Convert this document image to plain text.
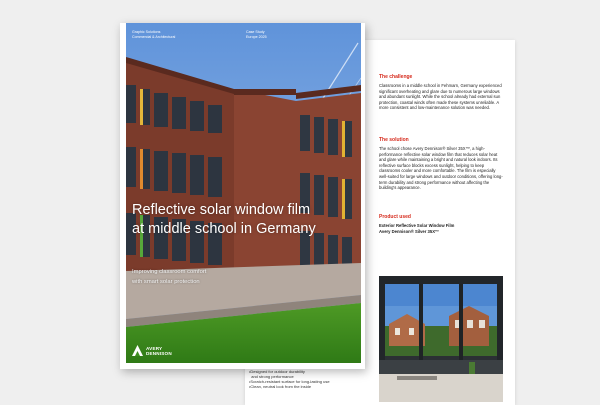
The challenge
Classrooms in a middle school in Fehmarn, Germany experienced significant overheating and glare due to numerous large windows and abundant sunlight. While the school already had external sun protection, coastal winds often made these systems unreliable. A more consistent and low-maintenance solution was needed.
The solution
The school chose Avery Dennison® Silver 35X™, a high-performance reflective solar window film that reduces solar heat and glare while maintaining a bright and natural look indoors. Its reflective surface blocks excess sunlight, helping to keep classrooms cooler and more comfortable. The film is especially well-suited for large windows and outdoor conditions, offering long-term durability and strong performance without affecting the building's appearance.
Product used
Exterior Reflective Solar Window Film
Avery Dennison® Silver 35X™
• Designed for outdoor durability
and strong performance
• Scratch-resistant surface for long-lasting use
• Clean, neutral look from the inside
Graphic Solutions
Commercial & Architectural
Case Study
Europe 2025
Reflective solar window film
at middle school in Germany
Improving classroom comfort
with smart solar protection
AVERY
DENNISON
